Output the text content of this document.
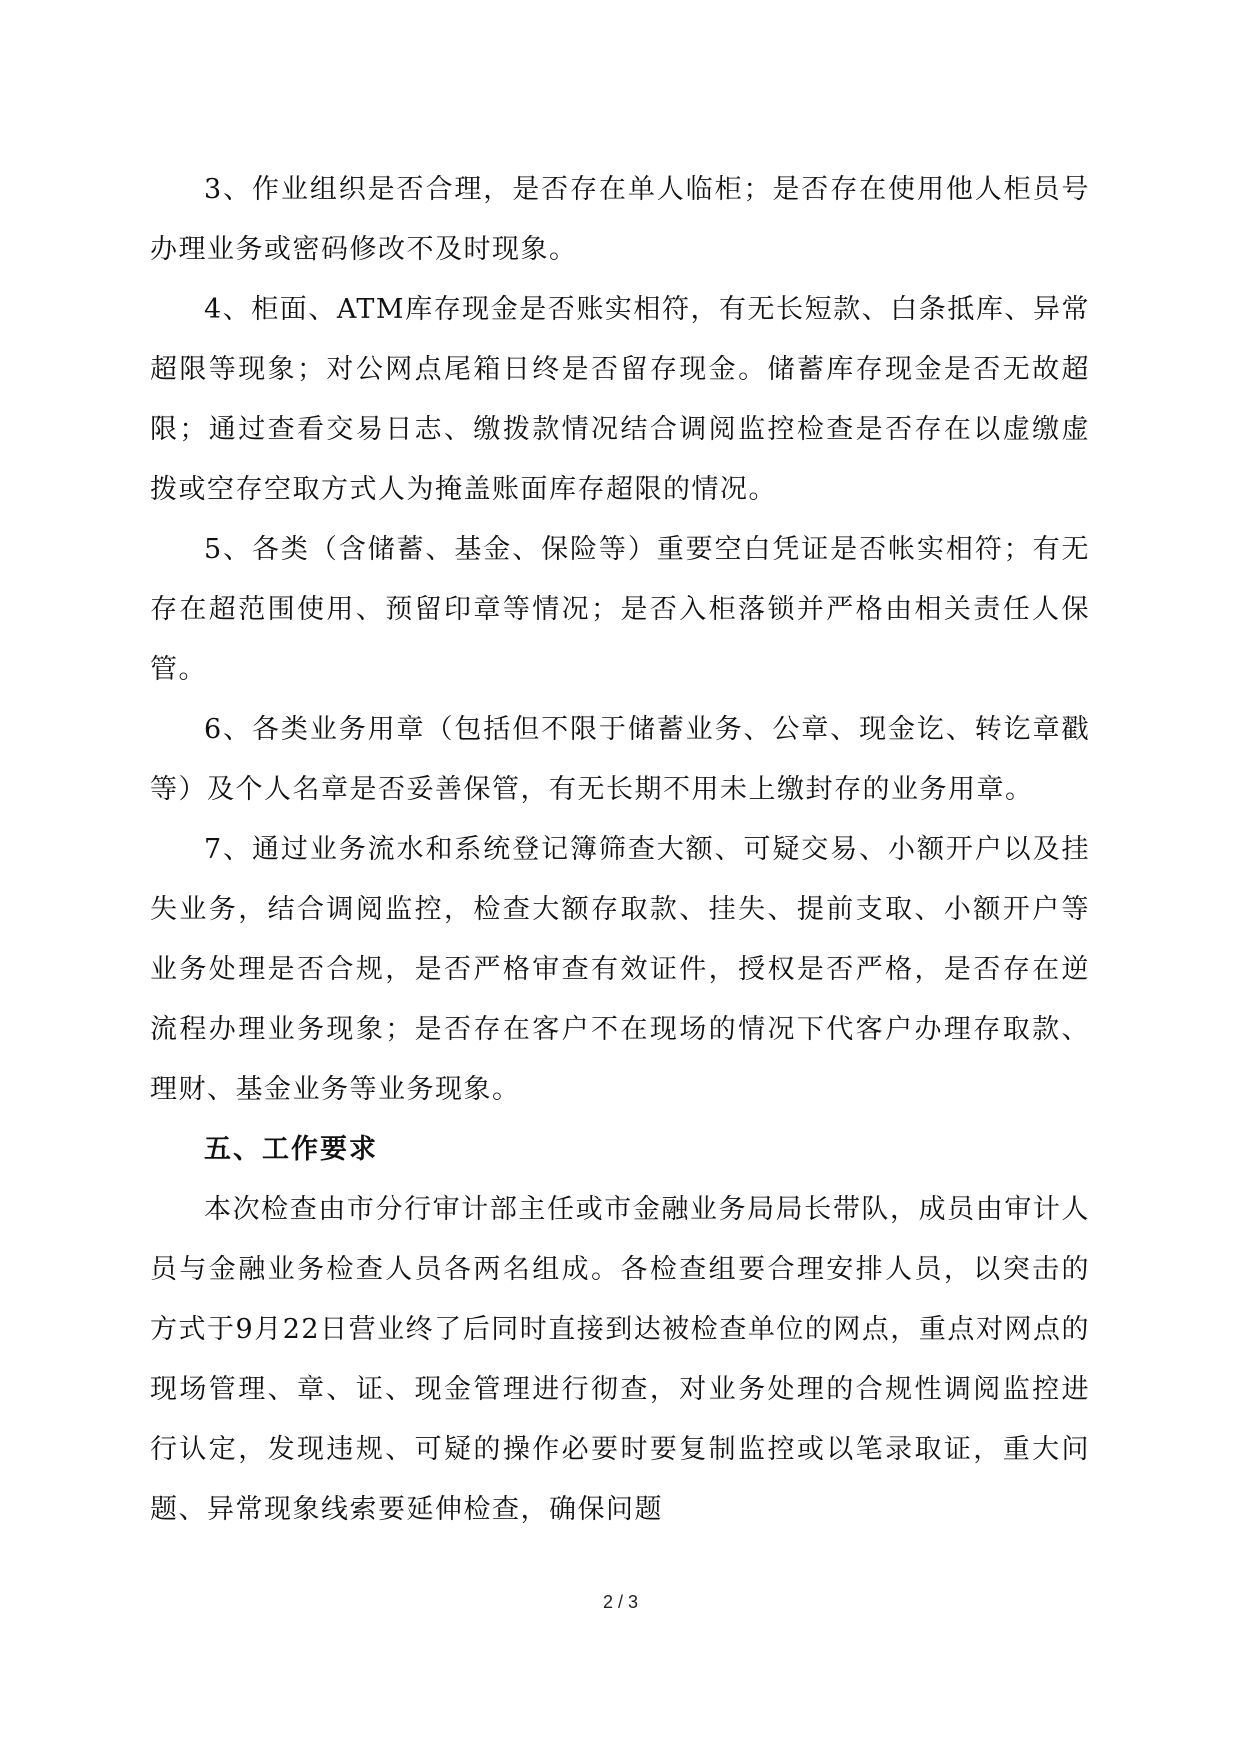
3、作业组织是否合理，是否存在单人临柜；是否存在使用他人柜员号办理业务或密码修改不及时现象。

4、柜面、ATM库存现金是否账实相符，有无长短款、白条抵库、异常超限等现象；对公网点尾箱日终是否留存现金。储蓄库存现金是否无故超限；通过查看交易日志、缴拨款情况结合调阅监控检查是否存在以虚缴虚拨或空存空取方式人为掩盖账面库存超限的情况。

5、各类（含储蓄、基金、保险等）重要空白凭证是否帐实相符；有无存在超范围使用、预留印章等情况；是否入柜落锁并严格由相关责任人保管。

6、各类业务用章（包括但不限于储蓄业务、公章、现金讫、转讫章戳等）及个人名章是否妥善保管，有无长期不用未上缴封存的业务用章。

7、通过业务流水和系统登记簿筛查大额、可疑交易、小额开户以及挂失业务，结合调阅监控，检查大额存取款、挂失、提前支取、小额开户等业务处理是否合规，是否严格审查有效证件，授权是否严格，是否存在逆流程办理业务现象；是否存在客户不在现场的情况下代客户办理存取款、理财、基金业务等业务现象。

五、工作要求

本次检查由市分行审计部主任或市金融业务局局长带队，成员由审计人员与金融业务检查人员各两名组成。各检查组要合理安排人员，以突击的方式于9月22日营业终了后同时直接到达被检查单位的网点，重点对网点的现场管理、章、证、现金管理进行彻查，对业务处理的合规性调阅监控进行认定，发现违规、可疑的操作必要时要复制监控或以笔录取证，重大问题、异常现象线索要延伸检查，确保问题

2 / 3
